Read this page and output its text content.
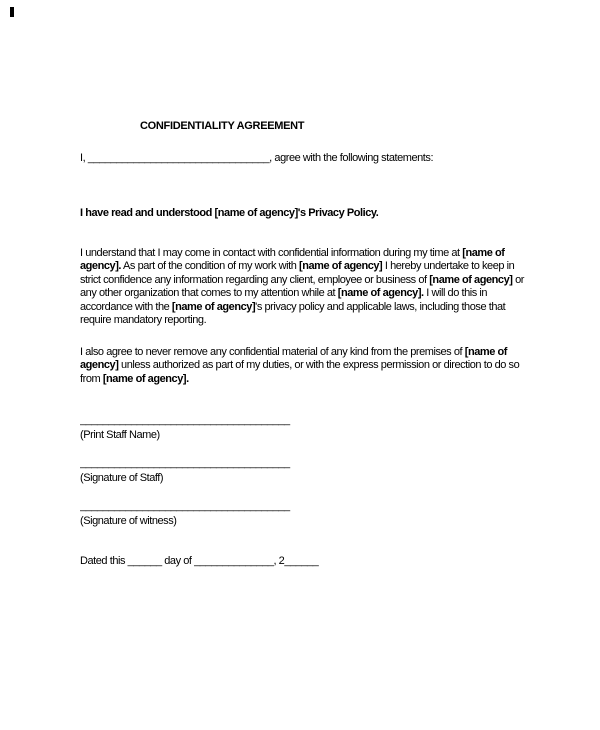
CONFIDENTIALITY AGREEMENT
I, ________________________________, agree with the following statements:
I have read and understood [name of agency]'s Privacy Policy.

I understand that I may come in contact with confidential information during my time at [name of agency]. As part of the condition of my work with [name of agency] I hereby undertake to keep in strict confidence any information regarding any client, employee or business of [name of agency] or any other organization that comes to my attention while at [name of agency]. I will do this in accordance with the [name of agency]'s privacy policy and applicable laws, including those that require mandatory reporting.

I also agree to never remove any confidential material of any kind from the premises of [name of agency] unless authorized as part of my duties, or with the express permission or direction to do so from [name of agency].

_____________________________________
(Print Staff Name)
_____________________________________
(Signature of Staff)
_____________________________________
(Signature of witness)
Dated this ______ day of ______________, 2______
